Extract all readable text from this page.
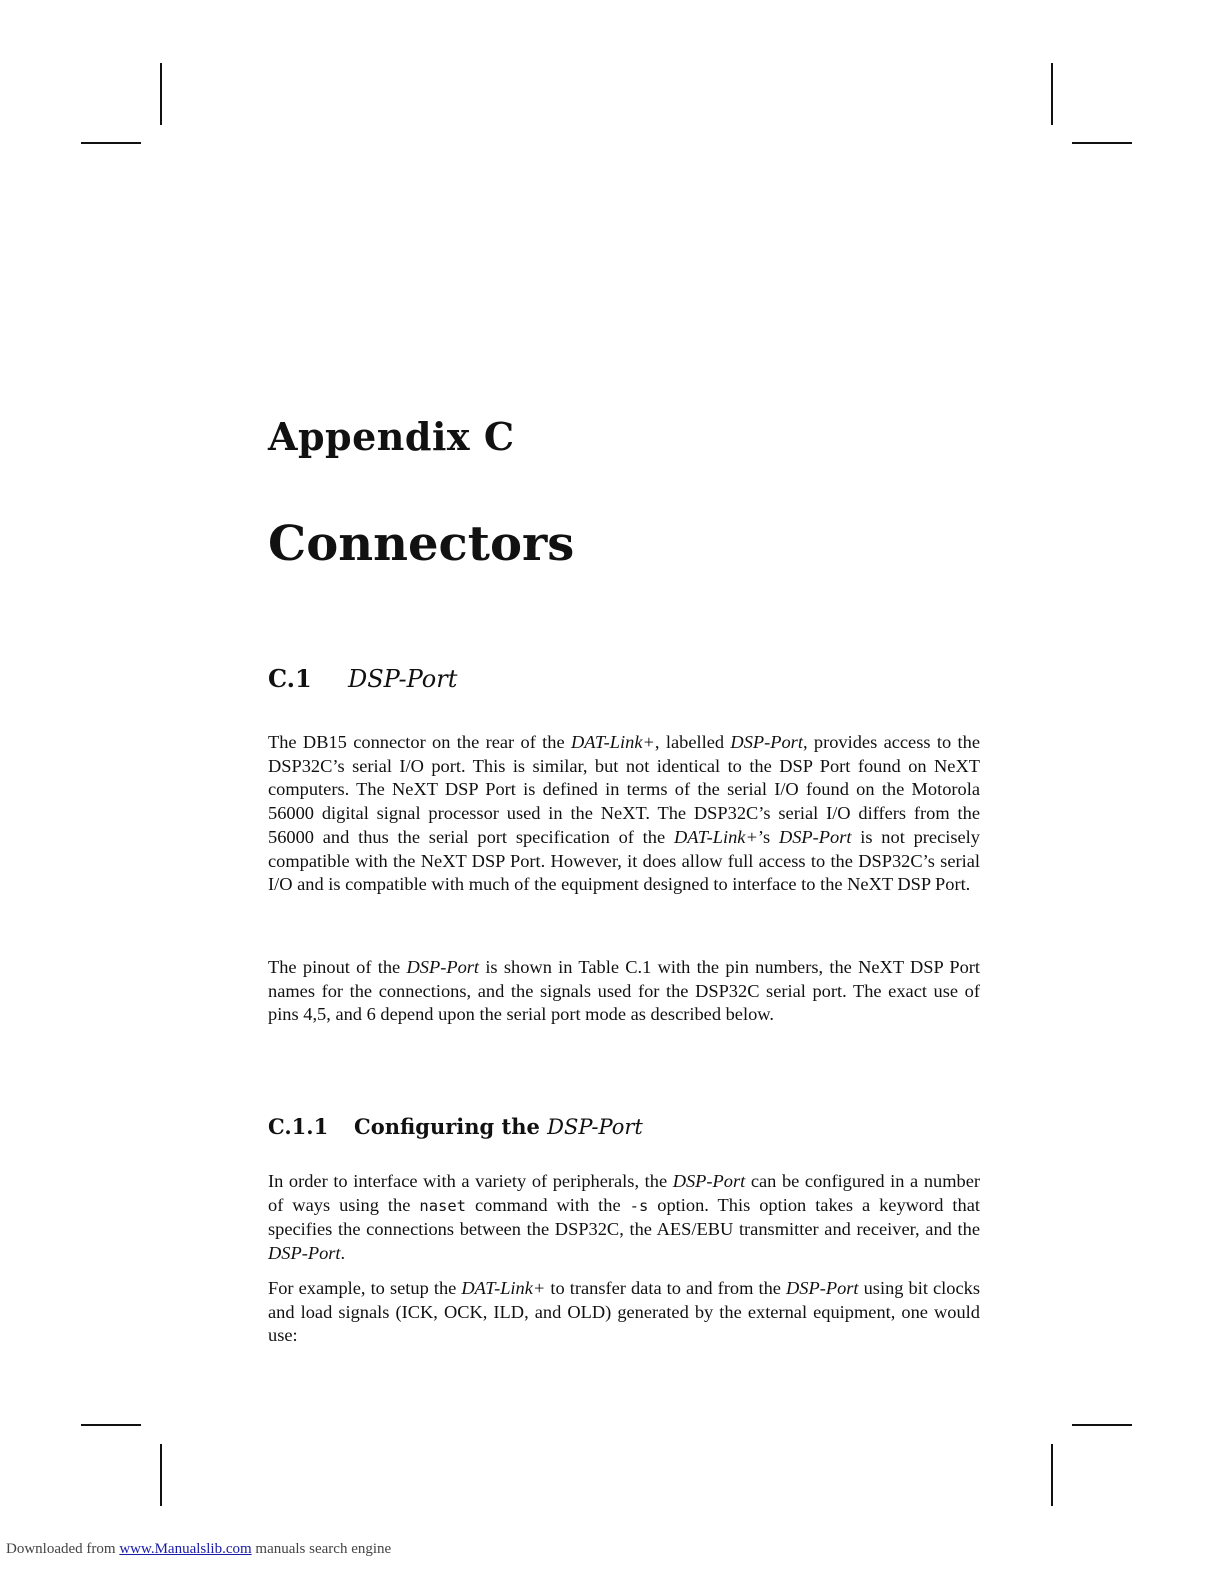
Appendix C
Connectors
C.1 DSP-Port

The DB15 connector on the rear of the DAT-Link+, labelled DSP-Port, provides access to the DSP32C’s serial I/O port. This is similar, but not identical to the DSP Port found on NeXT computers. The NeXT DSP Port is defined in terms of the serial I/O found on the Motorola 56000 digital signal processor used in the NeXT. The DSP32C’s serial I/O differs from the 56000 and thus the serial port specification of the DAT-Link+’s DSP-Port is not precisely compatible with the NeXT DSP Port. However, it does allow full access to the DSP32C’s serial I/O and is compatible with much of the equipment designed to interface to the NeXT DSP Port.

The pinout of the DSP-Port is shown in Table C.1 with the pin numbers, the NeXT DSP Port names for the connections, and the signals used for the DSP32C serial port. The exact use of pins 4,5, and 6 depend upon the serial port mode as described below.

C.1.1 Configuring the DSP-Port

In order to interface with a variety of peripherals, the DSP-Port can be configured in a number of ways using the naset command with the -s option. This option takes a keyword that specifies the connections between the DSP32C, the AES/EBU transmitter and receiver, and the DSP-Port.

For example, to setup the DAT-Link+ to transfer data to and from the DSP-Port using bit clocks and load signals (ICK, OCK, ILD, and OLD) generated by the external equipment, one would use:

Downloaded from www.Manualslib.com manuals search engine
